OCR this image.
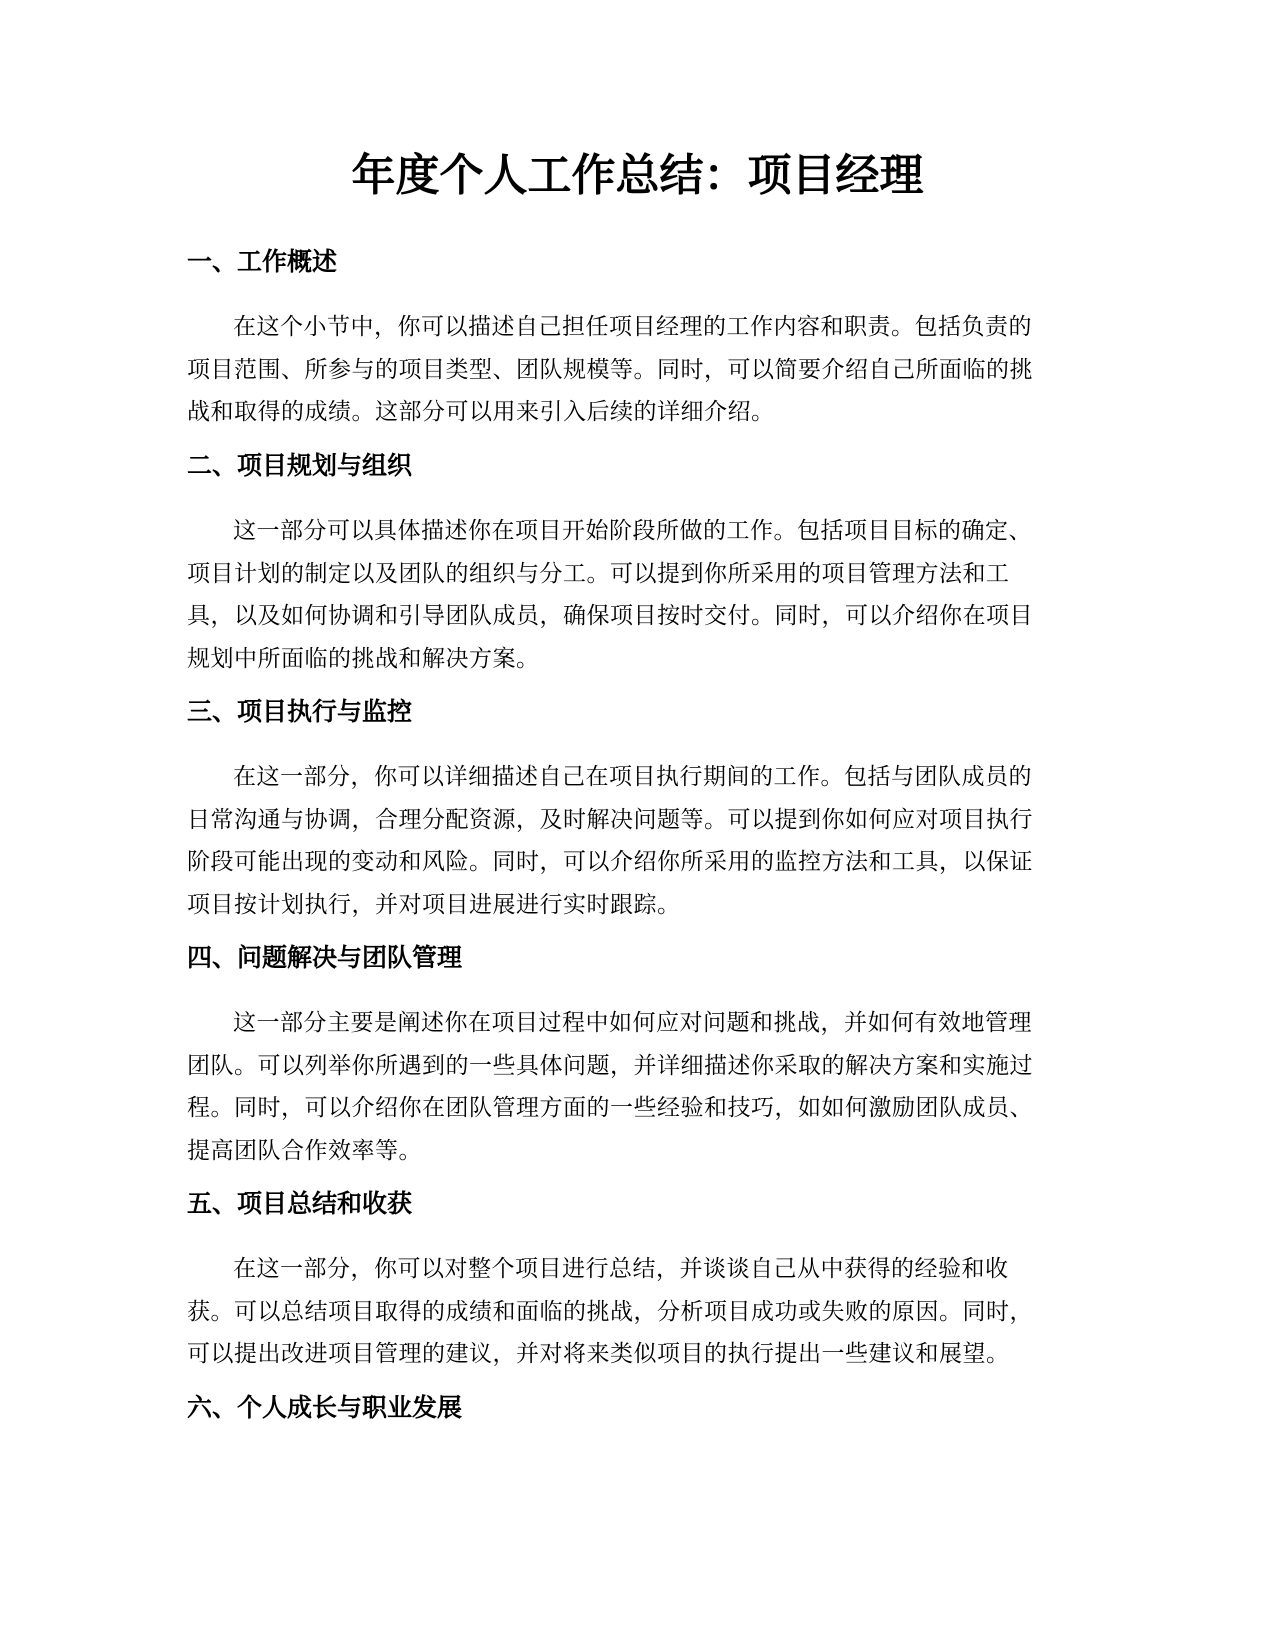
年度个人工作总结：项目经理
一、工作概述

在这个小节中，你可以描述自己担任项目经理的工作内容和职责。包括负责的
项目范围、所参与的项目类型、团队规模等。同时，可以简要介绍自己所面临的挑
战和取得的成绩。这部分可以用来引入后续的详细介绍。

二、项目规划与组织

这一部分可以具体描述你在项目开始阶段所做的工作。包括项目目标的确定、
项目计划的制定以及团队的组织与分工。可以提到你所采用的项目管理方法和工
具，以及如何协调和引导团队成员，确保项目按时交付。同时，可以介绍你在项目
规划中所面临的挑战和解决方案。

三、项目执行与监控

在这一部分，你可以详细描述自己在项目执行期间的工作。包括与团队成员的
日常沟通与协调，合理分配资源，及时解决问题等。可以提到你如何应对项目执行
阶段可能出现的变动和风险。同时，可以介绍你所采用的监控方法和工具，以保证
项目按计划执行，并对项目进展进行实时跟踪。

四、问题解决与团队管理

这一部分主要是阐述你在项目过程中如何应对问题和挑战，并如何有效地管理
团队。可以列举你所遇到的一些具体问题，并详细描述你采取的解决方案和实施过
程。同时，可以介绍你在团队管理方面的一些经验和技巧，如如何激励团队成员、
提高团队合作效率等。

五、项目总结和收获

在这一部分，你可以对整个项目进行总结，并谈谈自己从中获得的经验和收
获。可以总结项目取得的成绩和面临的挑战，分析项目成功或失败的原因。同时，
可以提出改进项目管理的建议，并对将来类似项目的执行提出一些建议和展望。

六、个人成长与职业发展
